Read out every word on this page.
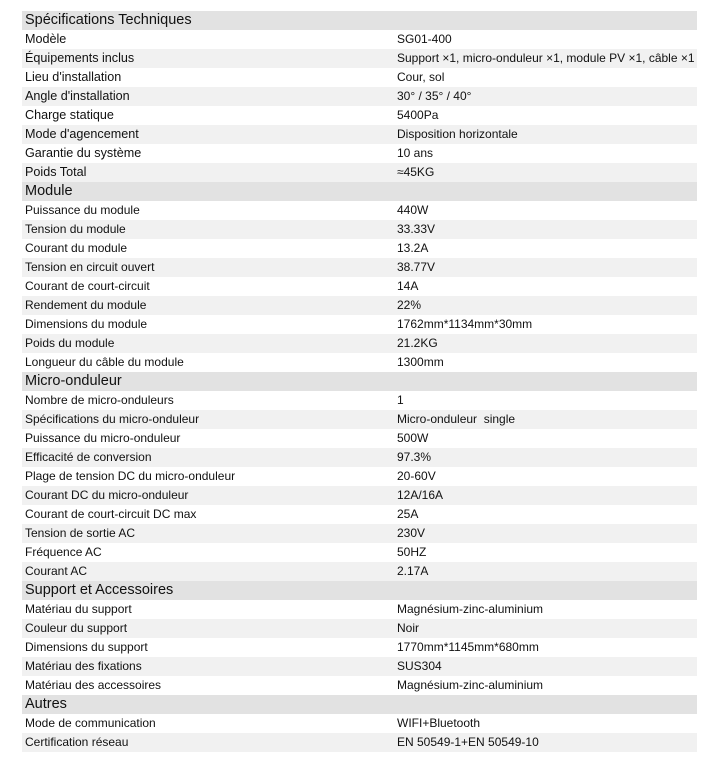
Spécifications Techniques
Modèle	SG01-400
Équipements inclus	Support ×1, micro-onduleur ×1, module PV ×1, câble ×1
Lieu d'installation	Cour, sol
Angle d'installation	30° / 35° / 40°
Charge statique	5400Pa
Mode d'agencement	Disposition horizontale
Garantie du système	10 ans
Poids Total	≈45KG
Module
Puissance du module	440W
Tension du module	33.33V
Courant du module	13.2A
Tension en circuit ouvert	38.77V
Courant de court-circuit	14A
Rendement du module	22%
Dimensions du module	1762mm*1134mm*30mm
Poids du module	21.2KG
Longueur du câble du module	1300mm
Micro-onduleur
Nombre de micro-onduleurs	1
Spécifications du micro-onduleur	Micro-onduleur  single
Puissance du micro-onduleur	500W
Efficacité de conversion	97.3%
Plage de tension DC du micro-onduleur	20-60V
Courant DC du micro-onduleur	12A/16A
Courant de court-circuit DC max	25A
Tension de sortie AC	230V
Fréquence AC	50HZ
Courant AC	2.17A
Support et Accessoires
Matériau du support	Magnésium-zinc-aluminium
Couleur du support	Noir
Dimensions du support	1770mm*1145mm*680mm
Matériau des fixations	SUS304
Matériau des accessoires	Magnésium-zinc-aluminium
Autres
Mode de communication	WIFI+Bluetooth
Certification réseau	EN 50549-1+EN 50549-10
